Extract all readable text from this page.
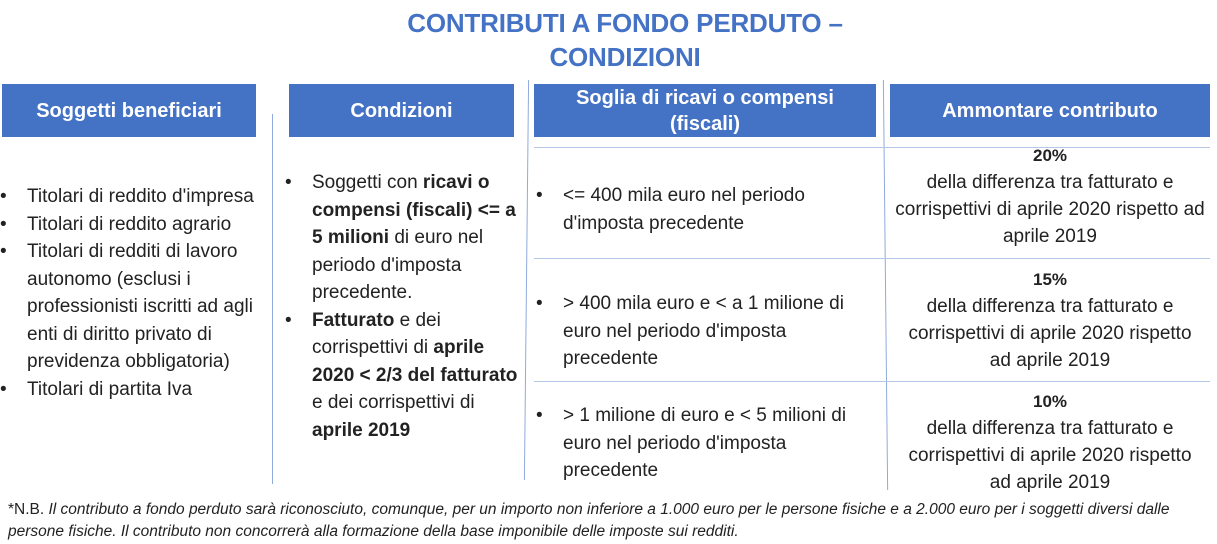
CONTRIBUTI A FONDO PERDUTO –
CONDIZIONI
Soggetti beneficiari	Condizioni
Soglia di ricavi o compensi
(fiscali)
Ammontare contributo
• Titolari di reddito d'impresa
• Titolari di reddito agrario
• Titolari di redditi di lavoro autonomo (esclusi i professionisti iscritti ad agli enti di diritto privato di previdenza obbligatoria)
• Titolari di partita Iva
• Soggetti con ricavi o compensi (fiscali) <= a 5 milioni di euro nel periodo d'imposta precedente.
• Fatturato e dei corrispettivi di aprile 2020 < 2/3 del fatturato e dei corrispettivi di aprile 2019
• <= 400 mila euro nel periodo d'imposta precedente
• > 400 mila euro e < a 1 milione di euro nel periodo d'imposta precedente
• > 1 milione di euro e < 5 milioni di euro nel periodo d'imposta precedente
20%
della differenza tra fatturato e corrispettivi di aprile 2020 rispetto ad aprile 2019
15%
della differenza tra fatturato e corrispettivi di aprile 2020 rispetto ad aprile 2019
10%
della differenza tra fatturato e corrispettivi di aprile 2020 rispetto ad aprile 2019
*N.B. Il contributo a fondo perduto sarà riconosciuto, comunque, per un importo non inferiore a 1.000 euro per le persone fisiche e a 2.000 euro per i soggetti diversi dalle persone fisiche. Il contributo non concorrerà alla formazione della base imponibile delle imposte sui redditi.
